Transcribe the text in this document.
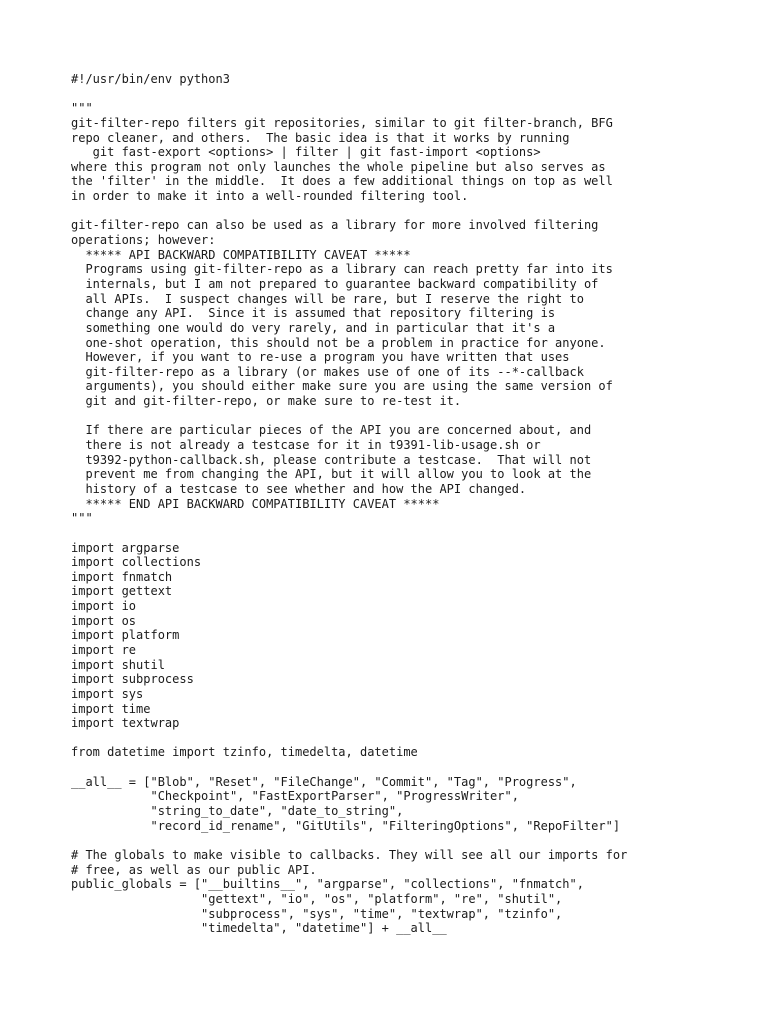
#!/usr/bin/env python3
"""
git-filter-repo filters git repositories, similar to git filter-branch, BFG
repo cleaner, and others.  The basic idea is that it works by running
git fast-export <options> | filter | git fast-import <options>
where this program not only launches the whole pipeline but also serves as
the 'filter' in the middle.  It does a few additional things on top as well
in order to make it into a well-rounded filtering tool.
git-filter-repo can also be used as a library for more involved filtering
operations; however:
***** API BACKWARD COMPATIBILITY CAVEAT *****
Programs using git-filter-repo as a library can reach pretty far into its
internals, but I am not prepared to guarantee backward compatibility of
all APIs.  I suspect changes will be rare, but I reserve the right to
change any API.  Since it is assumed that repository filtering is
something one would do very rarely, and in particular that it's a
one-shot operation, this should not be a problem in practice for anyone.
However, if you want to re-use a program you have written that uses
git-filter-repo as a library (or makes use of one of its --*-callback
arguments), you should either make sure you are using the same version of
git and git-filter-repo, or make sure to re-test it.
If there are particular pieces of the API you are concerned about, and
there is not already a testcase for it in t9391-lib-usage.sh or
t9392-python-callback.sh, please contribute a testcase.  That will not
prevent me from changing the API, but it will allow you to look at the
history of a testcase to see whether and how the API changed.
***** END API BACKWARD COMPATIBILITY CAVEAT *****
"""
import argparse
import collections
import fnmatch
import gettext
import io
import os
import platform
import re
import shutil
import subprocess
import sys
import time
import textwrap
from datetime import tzinfo, timedelta, datetime
__all__ = ["Blob", "Reset", "FileChange", "Commit", "Tag", "Progress",
"Checkpoint", "FastExportParser", "ProgressWriter",
"string_to_date", "date_to_string",
"record_id_rename", "GitUtils", "FilteringOptions", "RepoFilter"]
# The globals to make visible to callbacks. They will see all our imports for
# free, as well as our public API.
public_globals = ["__builtins__", "argparse", "collections", "fnmatch",
"gettext", "io", "os", "platform", "re", "shutil",
"subprocess", "sys", "time", "textwrap", "tzinfo",
"timedelta", "datetime"] + __all__
